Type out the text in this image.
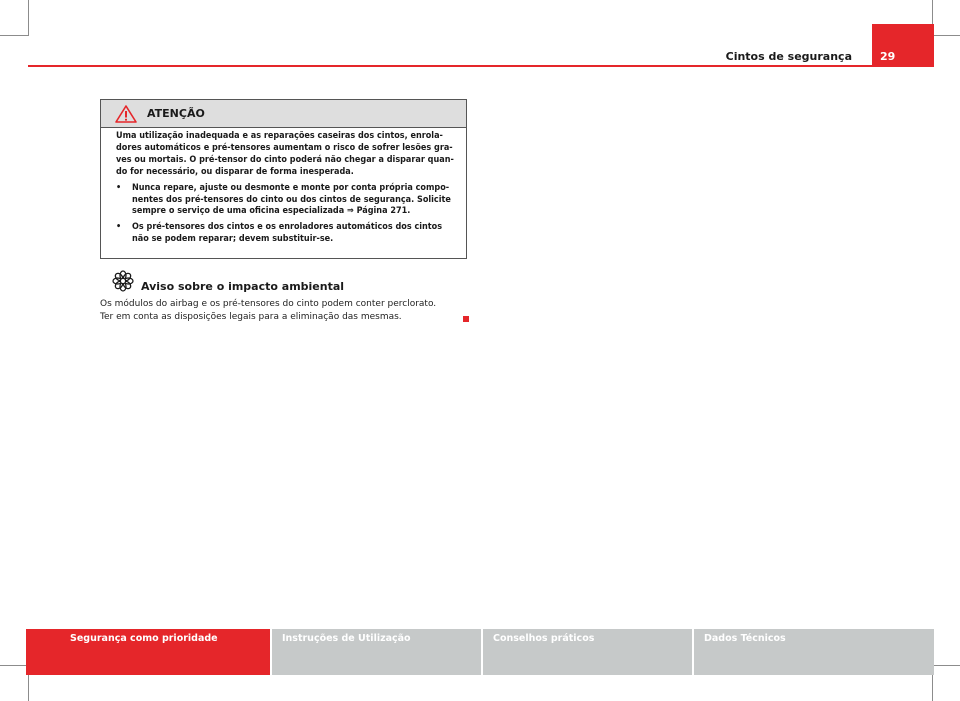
Cintos de segurança	29
ATENÇÃO

Uma utilização inadequada e as reparações caseiras dos cintos, enrola-dores automáticos e pré-tensores aumentam o risco de sofrer lesões gra-ves ou mortais. O pré-tensor do cinto poderá não chegar a disparar quan-do for necessário, ou disparar de forma inesperada.

•	Nunca repare, ajuste ou desmonte e monte por conta própria compo-nentes dos pré-tensores do cinto ou dos cintos de segurança. Solicite sempre o serviço de uma oficina especializada ⇒ Página 271.
•	Os pré-tensores dos cintos e os enroladores automáticos dos cintos não se podem reparar; devem substituir-se.
Aviso sobre o impacto ambiental

Os módulos do airbag e os pré-tensores do cinto podem conter perclorato.

Ter em conta as disposições legais para a eliminação das mesmas.

Segurança como prioridade	Instruções de Utilização	Conselhos práticos	Dados Técnicos
